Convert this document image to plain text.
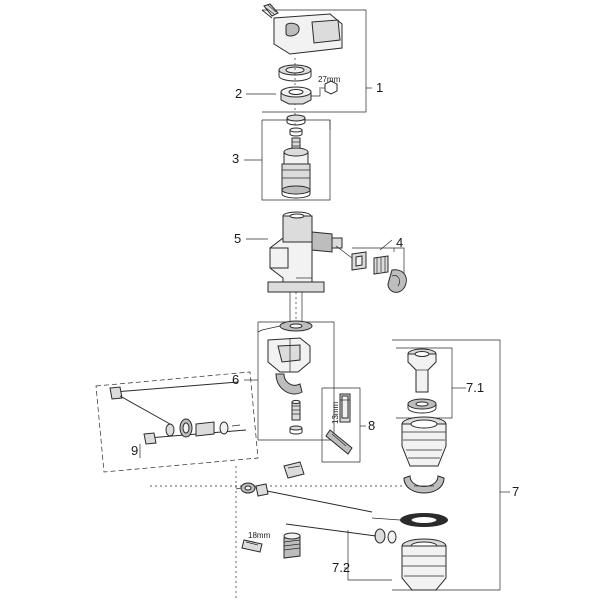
1
2
3
4
5
6
7
7.1
7.2
8
9
27mm
13mm
18mm
